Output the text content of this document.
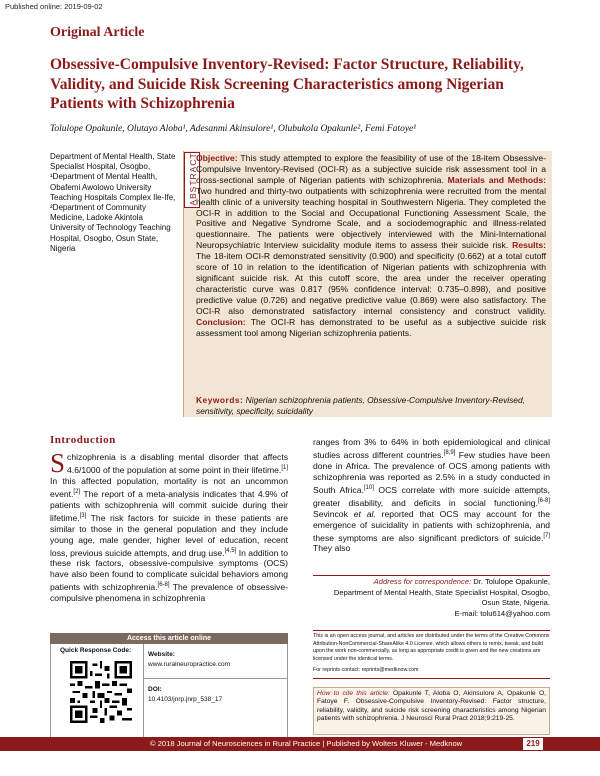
Published online: 2019-09-02
Original Article
Obsessive-Compulsive Inventory-Revised: Factor Structure, Reliability, Validity, and Suicide Risk Screening Characteristics among Nigerian Patients with Schizophrenia
Tolulope Opakunle, Olutayo Aloba¹, Adesanmi Akinsulore¹, Olubukola Opakunle², Femi Fatoye¹
Department of Mental Health, State Specialist Hospital, Osogbo, ¹Department of Mental Health, Obafemi Awolowo University Teaching Hospitals Complex Ile-Ife, ²Department of Community Medicine, Ladoke Akintola University of Technology Teaching Hospital, Osogbo, Osun State, Nigeria
ABSTRACT
Objective: This study attempted to explore the feasibility of use of the 18-item Obsessive-Compulsive Inventory-Revised (OCI-R) as a subjective suicide risk assessment tool in a cross-sectional sample of Nigerian patients with schizophrenia. Materials and Methods: Two hundred and thirty-two outpatients with schizophrenia were recruited from the mental health clinic of a university teaching hospital in Southwestern Nigeria. They completed the OCI-R in addition to the Social and Occupational Functioning Assessment Scale, the Positive and Negative Syndrome Scale, and a sociodemographic and illness-related questionnaire. The patients were objectively interviewed with the Mini-International Neuropsychiatric Interview suicidality module items to assess their suicide risk. Results: The 18-item OCI-R demonstrated sensitivity (0.900) and specificity (0.662) at a total cutoff score of 10 in relation to the identification of Nigerian patients with schizophrenia with significant suicide risk. At this cutoff score, the area under the receiver operating characteristic curve was 0.817 (95% confidence interval: 0.735–0.898), and positive predictive value (0.726) and negative predictive value (0.869) were also satisfactory. The OCI-R also demonstrated satisfactory internal consistency and construct validity. Conclusion: The OCI-R has demonstrated to be useful as a subjective suicide risk assessment tool among Nigerian schizophrenia patients.
Keywords: Nigerian schizophrenia patients, Obsessive-Compulsive Inventory-Revised, sensitivity, specificity, suicidality
Introduction
Schizophrenia is a disabling mental disorder that affects 4.6/1000 of the population at some point in their lifetime.[1] In this affected population, mortality is not an uncommon event.[2] The report of a meta-analysis indicates that 4.9% of patients with schizophrenia will commit suicide during their lifetime.[3] The risk factors for suicide in these patients are similar to those in the general population and they include young age, male gender, higher level of education, recent loss, previous suicide attempts, and drug use.[4,5] In addition to these risk factors, obsessive-compulsive symptoms (OCS) have also been found to complicate suicidal behaviors among patients with schizophrenia.[6-8] The prevalence of obsessive-compulsive phenomena in schizophrenia
ranges from 3% to 64% in both epidemiological and clinical studies across different countries.[8,9] Few studies have been done in Africa. The prevalence of OCS among patients with schizophrenia was reported as 2.5% in a study conducted in South Africa.[10] OCS correlate with more suicide attempts, greater disability, and deficits in social functioning.[6-8] Sevincok et al. reported that OCS may account for the emergence of suicidality in patients with schizophrenia, and these symptoms are also significant predictors of suicide.[7] They also
Address for correspondence: Dr. Tolulope Opakunle,
Department of Mental Health, State Specialist Hospital, Osogbo,
Osun State, Nigeria.
E-mail: tolu614@yahoo.com
This is an open access journal, and articles are distributed under the terms of the Creative Commons Attribution-NonCommercial-ShareAlike 4.0 License, which allows others to remix, tweak, and build upon the work non-commercially, as long as appropriate credit is given and the new creations are licensed under the identical terms.
For reprints contact: reprints@medknow.com
How to cite this article: Opakunle T, Aloba O, Akinsulore A, Opakunle O, Fatoye F. Obsessive-Compulsive Inventory-Revised: Factor structure, reliability, validity, and suicide risk screening characteristics among Nigerian patients with schizophrenia. J Neurosci Rural Pract 2018;9:219-25.
Access this article online
Quick Response Code:
Website:
www.ruralneuropractice.com
DOI:
10.4103/jnrp.jnrp_538_17
© 2018 Journal of Neurosciences in Rural Practice | Published by Wolters Kluwer - Medknow	219
